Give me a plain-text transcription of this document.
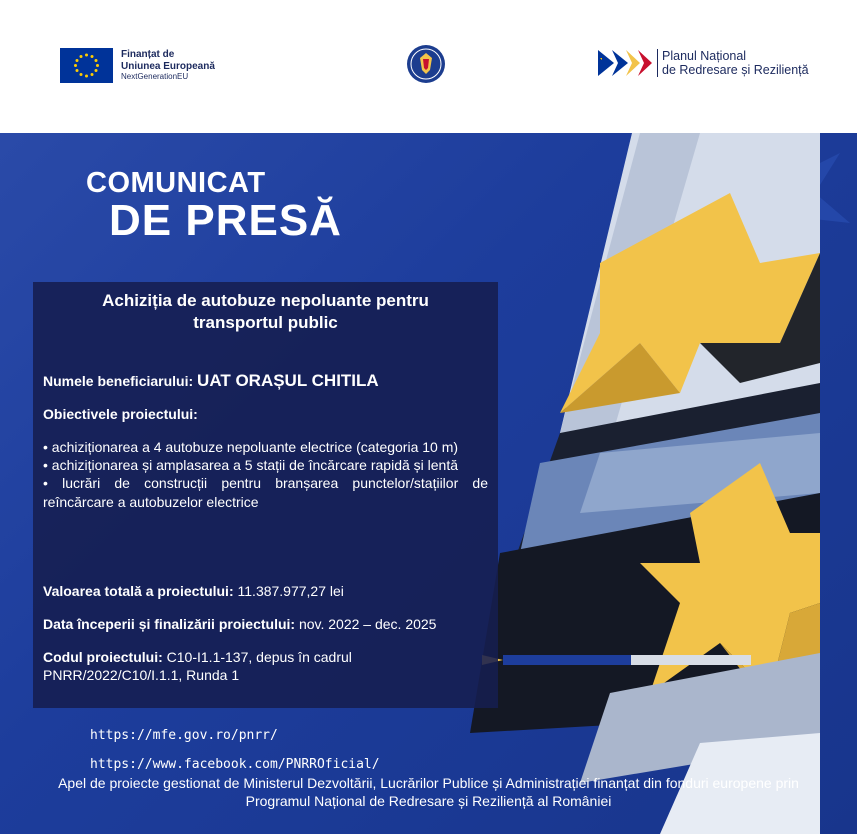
Finanțat de
Uniunea Europeană
NextGenerationEU
Planul Național
de Redresare și Reziliență
COMUNICAT
DE PRESĂ
Achiziția de autobuze nepoluante pentru transportul public
Numele beneficiarului: UAT ORAȘUL CHITILA
Obiectivele proiectului:
• achiziționarea a 4 autobuze nepoluante electrice (categoria 10 m)
• achiziționarea și amplasarea a 5 stații de încărcare rapidă și lentă
• lucrări de construcții pentru branșarea punctelor/stațiilor de reîncărcare a autobuzelor electrice
Valoarea totală a proiectului: 11.387.977,27 lei
Data începerii și finalizării proiectului: nov. 2022 – dec. 2025
Codul proiectului: C10-I1.1-137, depus în cadrul PNRR/2022/C10/I.1.1, Runda 1
https://mfe.gov.ro/pnrr/
https://www.facebook.com/PNRROficial/
Apel de proiecte gestionat de Ministerul Dezvoltării, Lucrărilor Publice și Administrației finanțat din fonduri europene prin
Programul Național de Redresare și Reziliență al României
